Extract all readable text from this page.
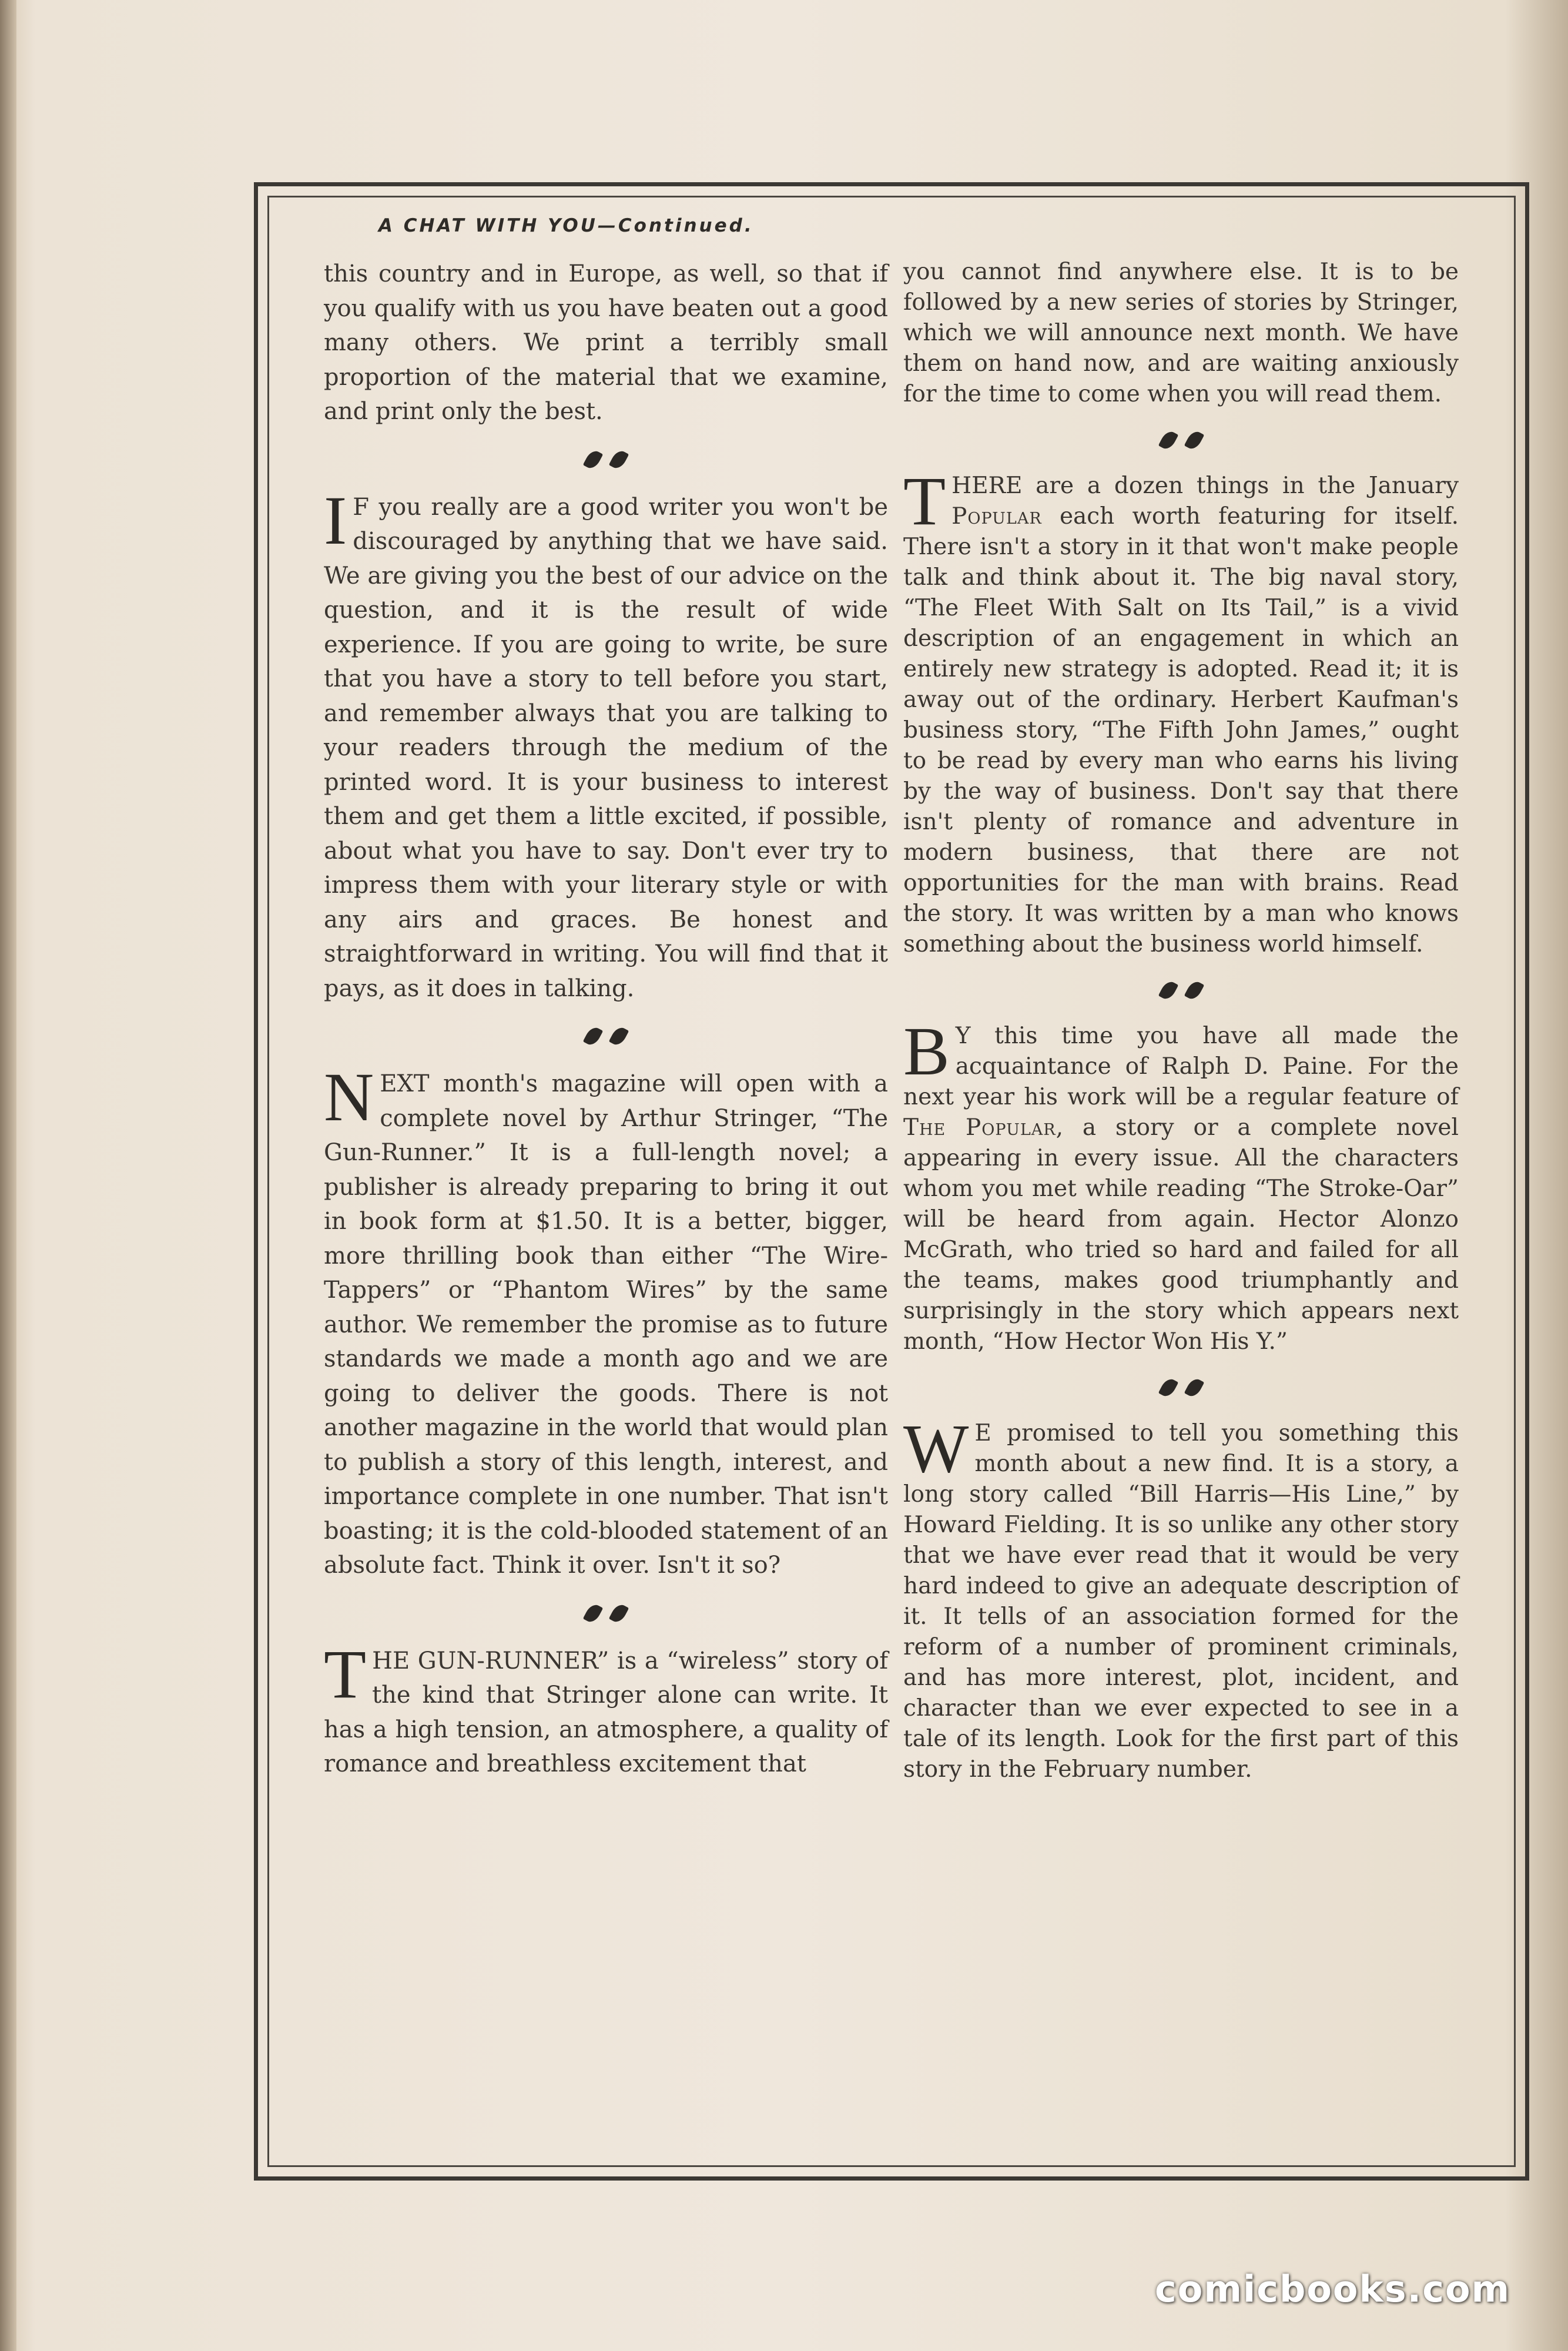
A CHAT WITH YOU—Continued.

this country and in Europe, as well, so that if you qualify with us you have beaten out a good many others. We print a terribly small proportion of the material that we examine, and print only the best.

I F you really are a good writer you won't be discouraged by anything that we have said. We are giving you the best of our advice on the question, and it is the result of wide experience. If you are going to write, be sure that you have a story to tell before you start, and remember always that you are talking to your readers through the medium of the printed word. It is your business to interest them and get them a little excited, if possible, about what you have to say. Don't ever try to impress them with your literary style or with any airs and graces. Be honest and straightforward in writing. You will find that it pays, as it does in talking.

NEXT month's magazine will open with a complete novel by Arthur Stringer, “The Gun-Runner.” It is a full-length novel; a publisher is already preparing to bring it out in book form at $1.50. It is a better, bigger, more thrilling book than either “The Wire-Tappers” or “Phantom Wires” by the same author. We remember the promise as to future standards we made a month ago and we are going to deliver the goods. There is not another magazine in the world that would plan to publish a story of this length, interest, and importance complete in one number. That isn't boasting; it is the cold-blooded statement of an absolute fact. Think it over. Isn't it so?

THE GUN-RUNNER” is a “wireless” story of the kind that Stringer alone can write. It has a high tension, an atmosphere, a quality of romance and breathless excitement that

you cannot find anywhere else. It is to be followed by a new series of stories by Stringer, which we will announce next month. We have them on hand now, and are waiting anxiously for the time to come when you will read them.

THERE are a dozen things in the January Popular each worth featuring for itself. There isn't a story in it that won't make people talk and think about it. The big naval story, “The Fleet With Salt on Its Tail,” is a vivid description of an engagement in which an entirely new strategy is adopted. Read it; it is away out of the ordinary. Herbert Kaufman's business story, “The Fifth John James,” ought to be read by every man who earns his living by the way of business. Don't say that there isn't plenty of romance and adventure in modern business, that there are not opportunities for the man with brains. Read the story. It was written by a man who knows something about the business world himself.

B Y this time you have all made the acquaintance of Ralph D. Paine. For the next year his work will be a regular feature of The Popular, a story or a complete novel appearing in every issue. All the characters whom you met while reading “The Stroke-Oar” will be heard from again. Hector Alonzo McGrath, who tried so hard and failed for all the teams, makes good triumphantly and surprisingly in the story which appears next month, “How Hector Won His Y.”

W E promised to tell you something this month about a new find. It is a story, a long story called “Bill Harris—His Line,” by Howard Fielding. It is so unlike any other story that we have ever read that it would be very hard indeed to give an adequate description of it. It tells of an association formed for the reform of a number of prominent criminals, and has more interest, plot, incident, and character than we ever expected to see in a tale of its length. Look for the first part of this story in the February number.

comicbooks.com
